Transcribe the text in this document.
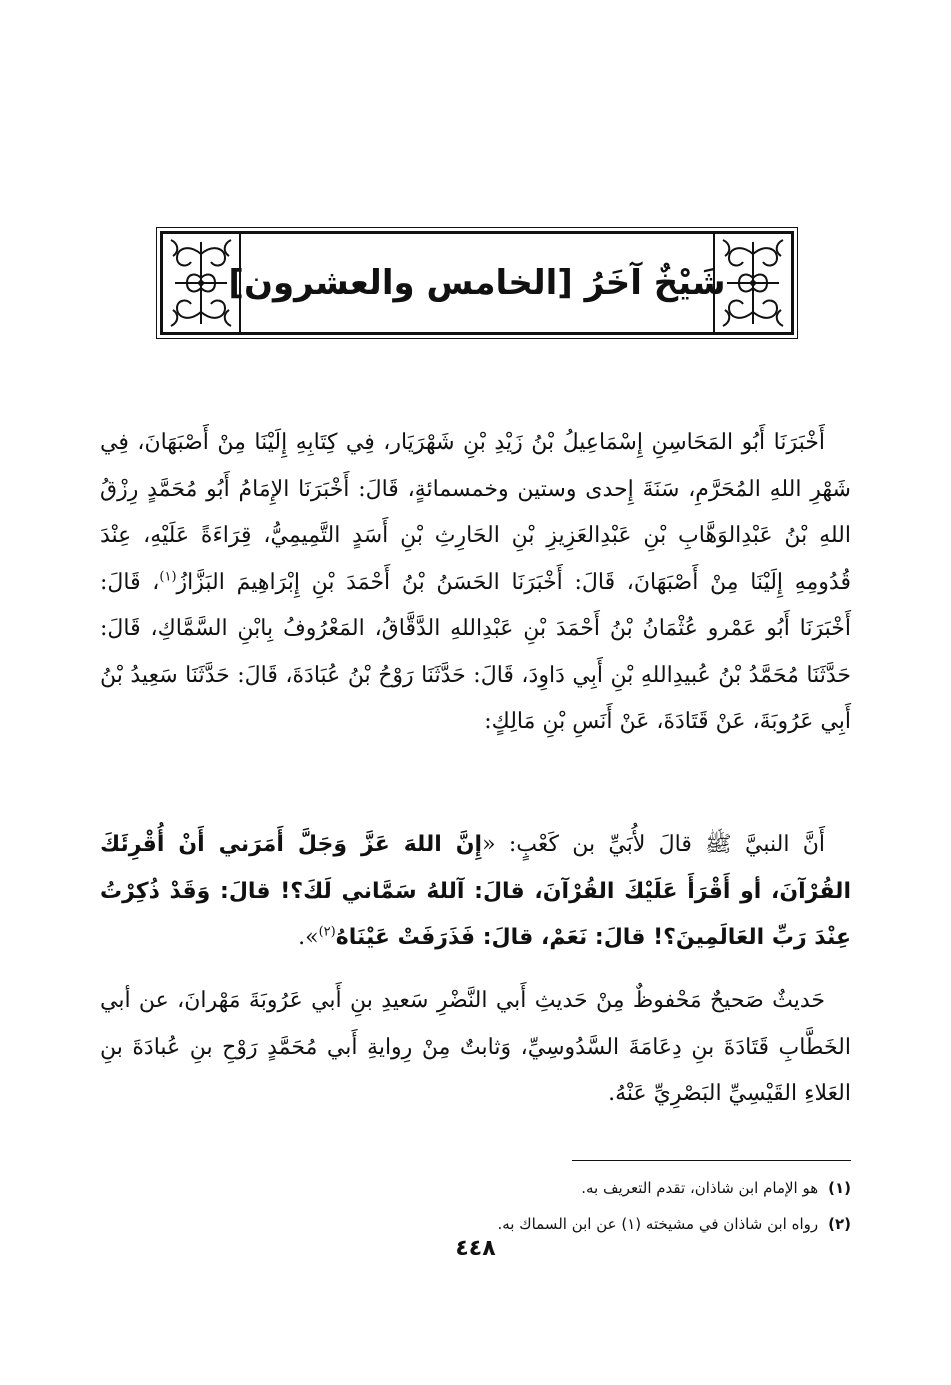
شَيْخٌ آخَرُ [الخامس والعشرون]

أَخْبَرَنَا أَبُو المَحَاسِنِ إِسْمَاعِيلُ بْنُ زَيْدِ بْنِ شَهْرَيَار، فِي كِتَابِهِ إِلَيْنَا مِنْ أَصْبَهَانَ، فِي شَهْرِ اللهِ المُحَرَّمِ، سَنَةَ إِحدى وستين وخمسمائةٍ، قَالَ: أَخْبَرَنَا الإِمَامُ أَبُو مُحَمَّدٍ رِزْقُ اللهِ بْنُ عَبْدِالوَهَّابِ بْنِ عَبْدِالعَزِيزِ بْنِ الحَارِثِ بْنِ أَسَدٍ التَّمِيمِيُّ، قِرَاءَةً عَلَيْهِ، عِنْدَ قُدُومِهِ إِلَيْنَا مِنْ أَصْبَهَانَ، قَالَ: أَخْبَرَنَا الحَسَنُ بْنُ أَحْمَدَ بْنِ إِبْرَاهِيمَ البَزَّازُ$^{(١)}$، قَالَ: أَخْبَرَنَا أَبُو عَمْرو عُثْمَانُ بْنُ أَحْمَدَ بْنِ عَبْدِاللهِ الدَّقَّاقُ، المَعْرُوفُ بِابْنِ السَّمَّاكِ، قَالَ: حَدَّثَنَا مُحَمَّدُ بْنُ عُبيدِاللهِ بْنِ أَبِي دَاوِدَ، قَالَ: حَدَّثَنَا رَوْحُ بْنُ عُبَادَةَ، قَالَ: حَدَّثَنَا سَعِيدُ بْنُ أَبِي عَرُوبَةَ، عَنْ قَتَادَةَ، عَنْ أَنَسِ بْنِ مَالِكٍ:

أَنَّ النبيَّ ﷺ قالَ لأُبَيِّ بن كَعْبٍ: «إِنَّ اللهَ عَزَّ وَجَلَّ أَمَرَني أَنْ أُقْرِئَكَ القُرْآنَ، أو أَقْرَأَ عَلَيْكَ القُرْآنَ، قالَ: آللهُ سَمَّاني لَكَ؟! قالَ: وَقَدْ ذُكِرْتُ عِنْدَ رَبِّ العَالَمِينَ؟! قالَ: نَعَمْ، قالَ: فَذَرَفَتْ عَيْنَاهُ$^{(٢)}$».

حَديثٌ صَحيحٌ مَحْفوظٌ مِنْ حَديثِ أَبي النَّضْرِ سَعيدِ بنِ أَبي عَرُوبَةَ مَهْرانَ، عن أبي الخَطَّابِ قَتَادَةَ بنِ دِعَامَةَ السَّدُوسِيِّ، وَثابتٌ مِنْ رِوايةِ أَبي مُحَمَّدٍ رَوْحِ بنِ عُبادَةَ بنِ العَلاءِ القَيْسِيِّ البَصْرِيِّ عَنْهُ.

(١)هو الإمام ابن شاذان، تقدم التعريف به.
(٢)رواه ابن شاذان في مشيخته (١) عن ابن السماك به.
٤٤٨
